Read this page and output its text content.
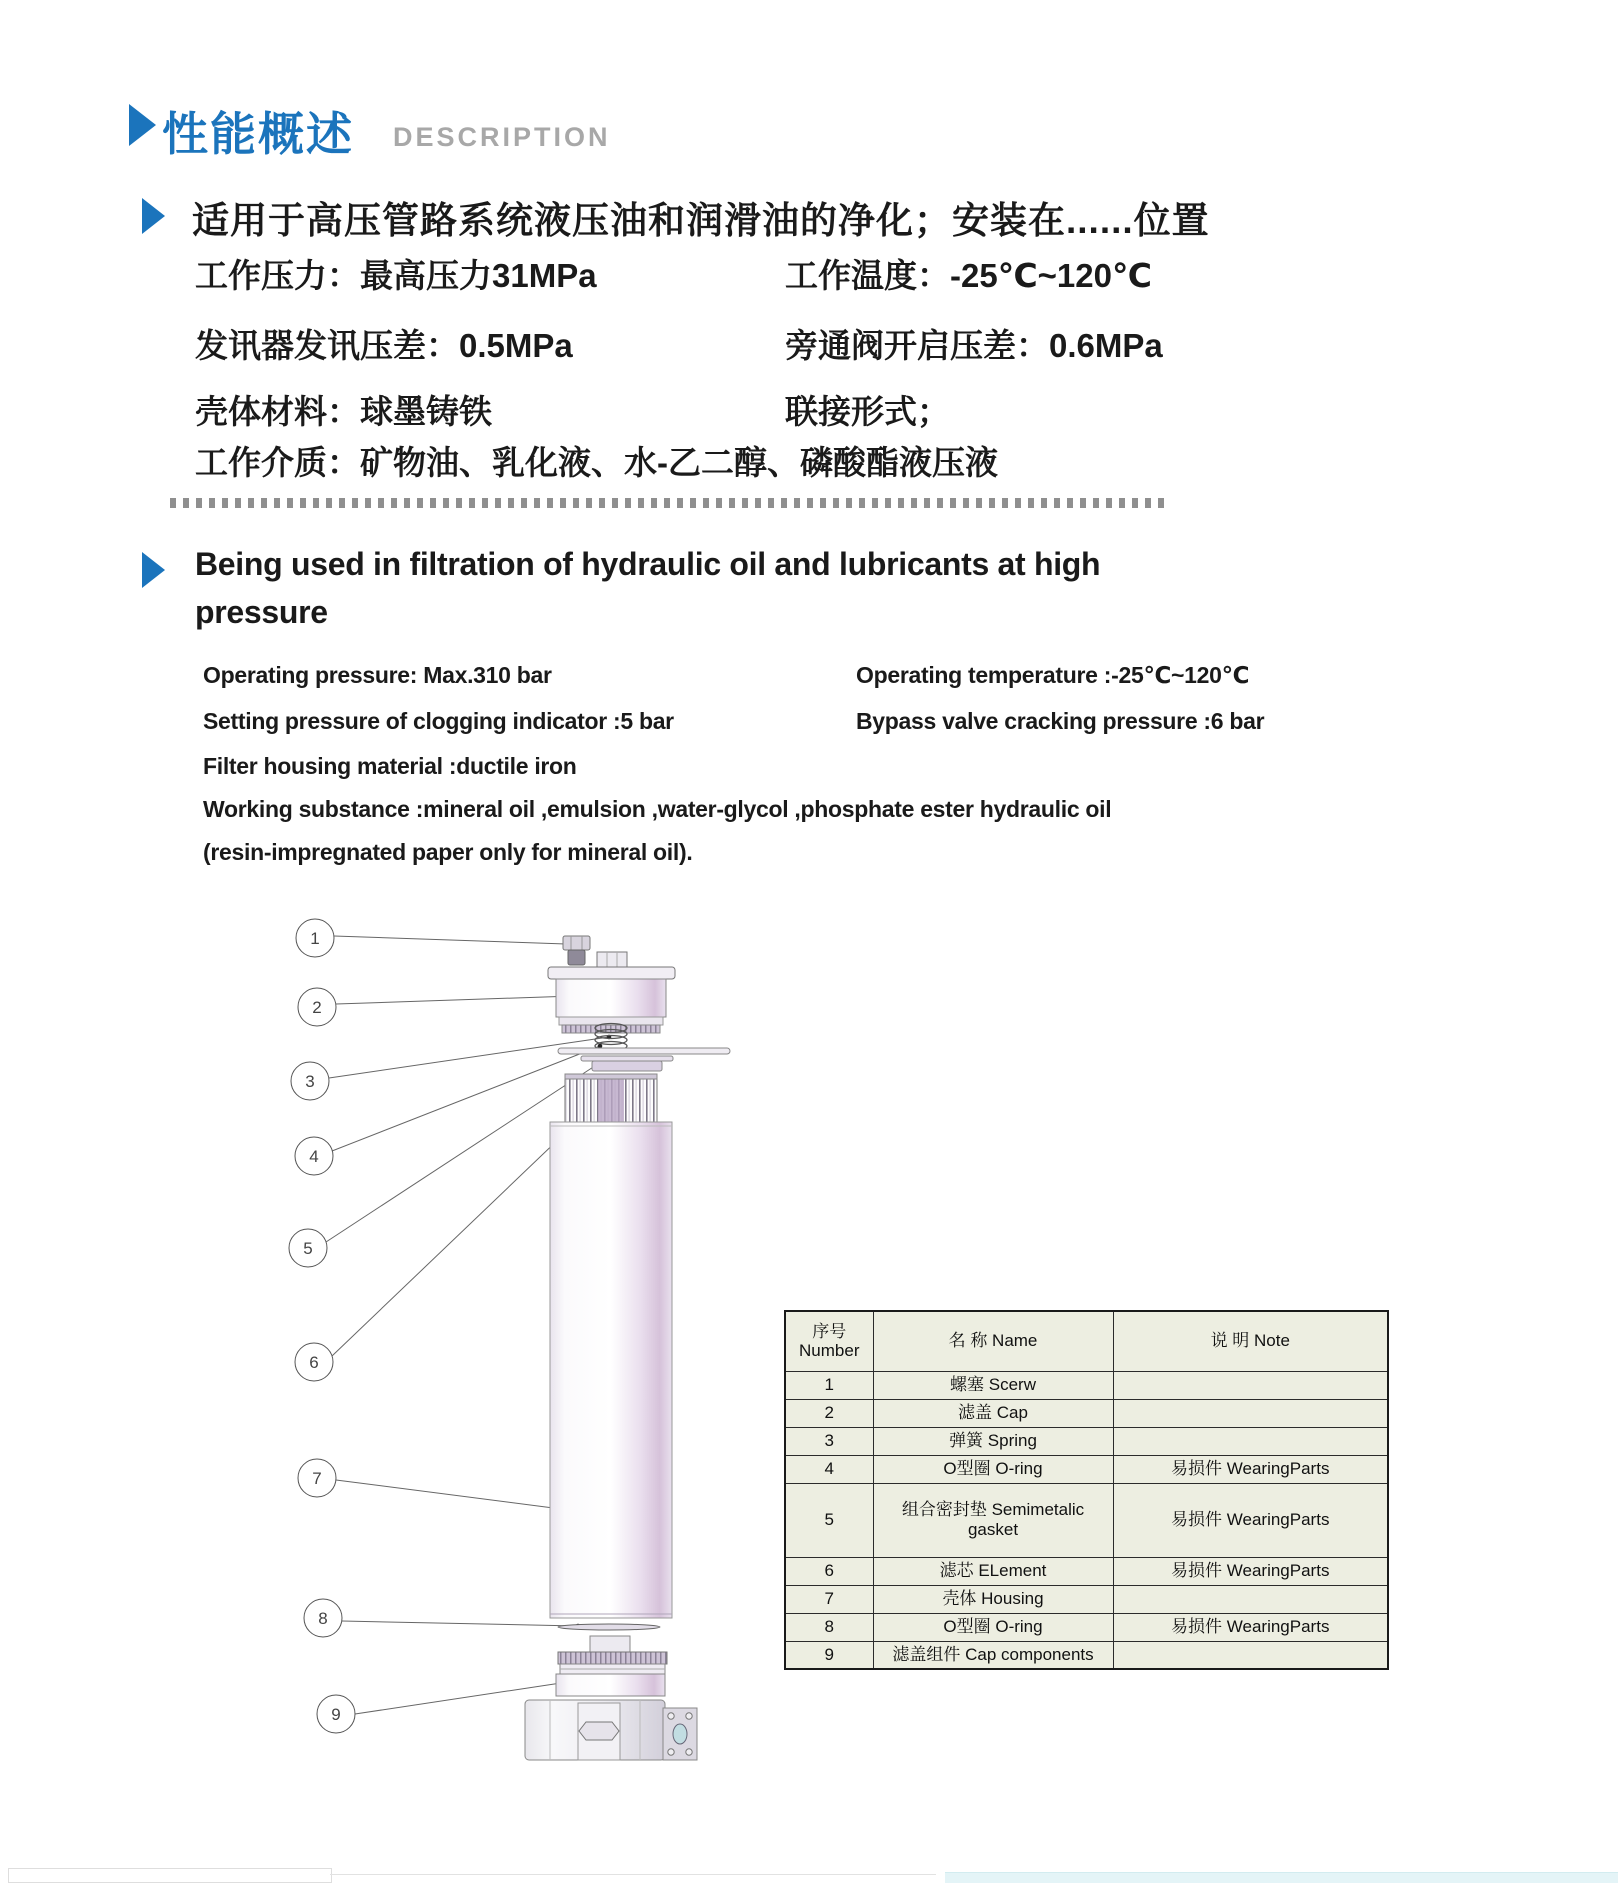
性能概述 DESCRIPTION
适用于高压管路系统液压油和润滑油的净化；安装在......位置
工作压力：最高压力31MPa	工作温度：-25℃~120℃
发讯器发讯压差：0.5MPa	旁通阀开启压差：0.6MPa
壳体材料：球墨铸铁	联接形式；
工作介质：矿物油、乳化液、水-乙二醇、磷酸酯液压液
Being used in filtration of hydraulic oil and lubricants at high
pressure
Operating pressure: Max.310 bar	Operating temperature :-25℃~120℃
Setting pressure of clogging indicator :5 bar	Bypass valve cracking pressure :6 bar
Filter housing material :ductile iron
Working substance :mineral oil ,emulsion ,water-glycol ,phosphate ester hydraulic oil
(resin-impregnated paper only for mineral oil).
1
2
3
4
5
6
7
8
9
序号
Number	名 称 Name	说 明 Note
1	螺塞 Scerw	
2	滤盖 Cap	
3	弹簧 Spring	
4	O型圈 O-ring	易损件 WearingParts
5	组合密封垫 Semimetalic gasket	易损件 WearingParts
6	滤芯 ELement	易损件 WearingParts
7	壳体 Housing	
8	O型圈 O-ring	易损件 WearingParts
9	滤盖组件 Cap components	
